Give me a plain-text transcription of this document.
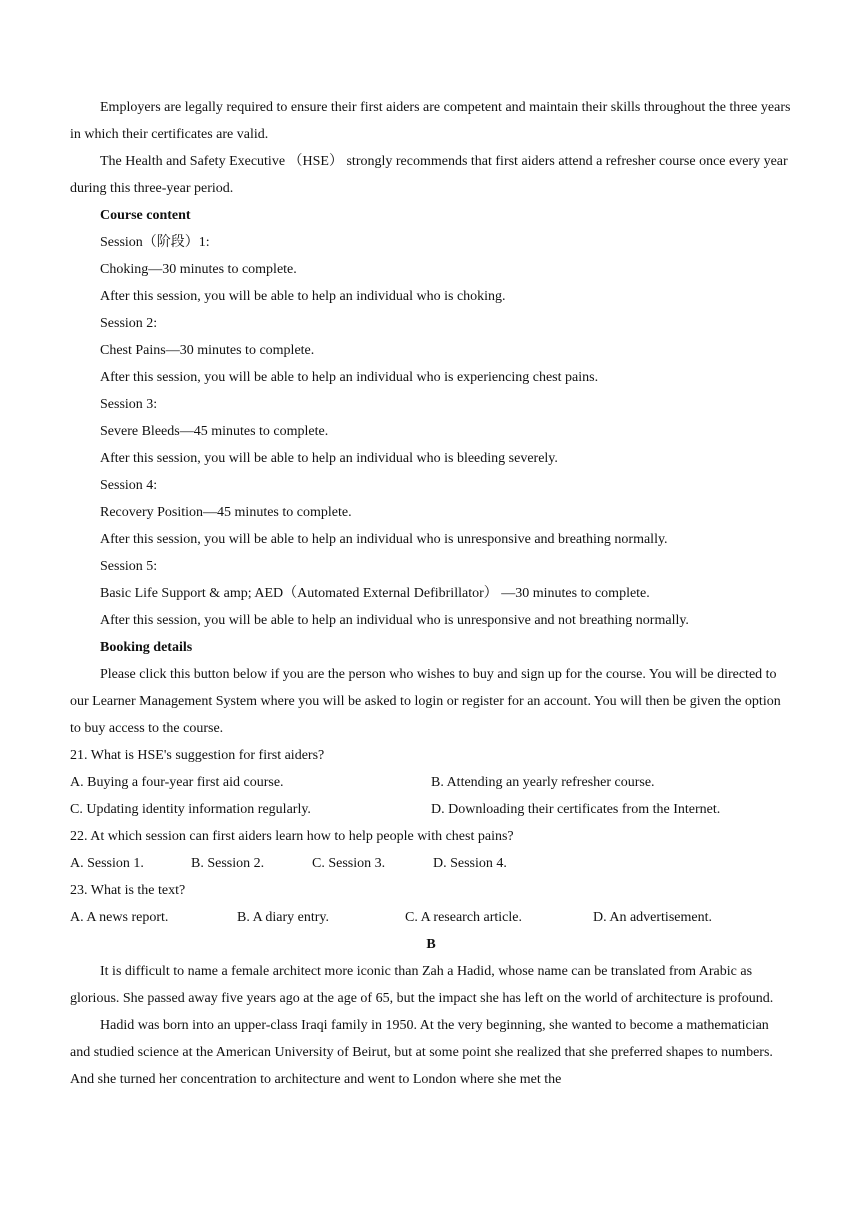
Employers are legally required to ensure their first aiders are competent and maintain their skills throughout the three years in which their certificates are valid.

The Health and Safety Executive （HSE） strongly recommends that first aiders attend a refresher course once every year during this three-year period.

Course content

Session（阶段）1:

Choking—30 minutes to complete.

After this session, you will be able to help an individual who is choking.

Session 2:

Chest Pains—30 minutes to complete.

After this session, you will be able to help an individual who is experiencing chest pains.

Session 3:

Severe Bleeds—45 minutes to complete.

After this session, you will be able to help an individual who is bleeding severely.

Session 4:

Recovery Position—45 minutes to complete.

After this session, you will be able to help an individual who is unresponsive and breathing normally.

Session 5:

Basic Life Support & amp; AED（Automated External Defibrillator） —30 minutes to complete.

After this session, you will be able to help an individual who is unresponsive and not breathing normally.

Booking details

Please click this button below if you are the person who wishes to buy and sign up for the course. You will be directed to our Learner Management System where you will be asked to login or register for an account. You will then be given the option to buy access to the course.

21. What is HSE's suggestion for first aiders?

A. Buying a four-year first aid course.	B. Attending an yearly refresher course.
C. Updating identity information regularly.	D. Downloading their certificates from the Internet.

22. At which session can first aiders learn how to help people with chest pains?

A. Session 1.	B. Session 2.	C. Session 3.	D. Session 4.

23. What is the text?

A. A news report.	B. A diary entry.	C. A research article.	D. An advertisement.

B

It is difficult to name a female architect more iconic than Zah a Hadid, whose name can be translated from Arabic as glorious. She passed away five years ago at the age of 65, but the impact she has left on the world of architecture is profound.

Hadid was born into an upper-class Iraqi family in 1950. At the very beginning, she wanted to become a mathematician and studied science at the American University of Beirut, but at some point she realized that she preferred shapes to numbers. And she turned her concentration to architecture and went to London where she met the
